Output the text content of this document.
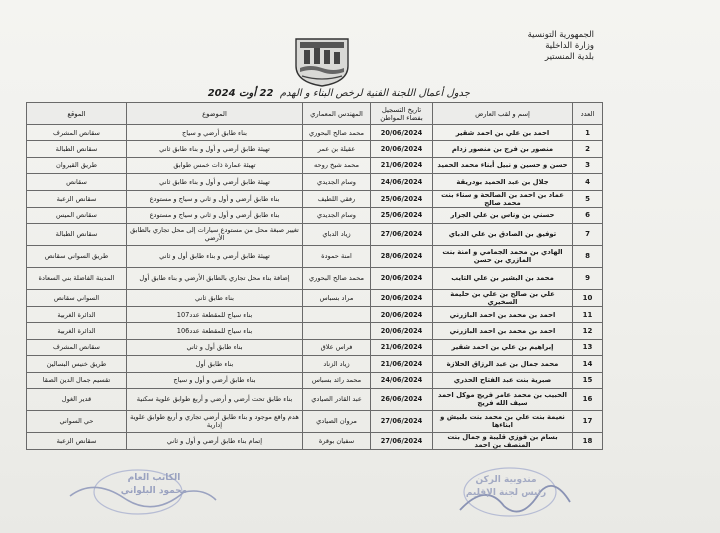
الجمهورية التونسية
وزارة الداخلية
بلدية المنستير
جدول أعمال اللجنة الفنية لرخص البناء و الهدم  22 أوت 2024
العدد	إسم و لقب العارض	تاريخ التسجيل بفضاء المواطن	المهندس المعماري	الموضوع	الموقع
1	احمد بن علي بن احمد شقير	20/06/2024	محمد صالح البحوري	بناء طابق أرضي و سياج	سقانص المشرف
2	منصور بن فرج بن منصور زدام	20/06/2024	عقيلة بن عمر	تهيئة طابق أرضي و أول و بناء طابق ثاني	سقانص الطبالة
3	حسن و حسين و نبيل أبناء محمد الحميد	21/06/2024	محمد شيخ روحه	تهيئة عمارة ذات خمس طوابق	طريق القيروان
4	جلال بن عبد الحميد بودريقة	24/06/2024	وسام الجديدي	تهيئة طابق أرضي و أول و بناء طابق ثاني	سقانص
5	عماد بن احمد بن الصالحة و سناء بنت محمد صالح	25/06/2024	رفقي اللطيف	بناء طابق أرضي و أول و ثاني و سياج و مستودع	سقانص الزعبة
6	حسني بن وناس بن علي الجزار	25/06/2024	وسام الجديدي	بناء طابق أرضي و أول و ثاني و سياج و مستودع	سقانص الميس
7	توفيق بن الصادق بن علي الدباي	27/06/2024	زياد الدباي	تغيير صبغة محل من مستودع سيارات إلى محل تجاري بالطابق الأرضي	سقانص الطبالة
8	الهادي بن محمد الجمامي و امنة بنت المازري بن حسن	28/06/2024	امنة حمودة	تهيئة طابق أرضي و بناء طابق أول و ثاني	طريق السواني سقانص
9	محمد بن البشير بن علي التايب	20/06/2024	محمد صالح البحوري	إضافة بناء محل تجاري بالطابق الأرضي و بناء طابق أول	المدينة الفاضلة بني السعادة
10	علي بن صالح بن علي بن حليمة السخيري	20/06/2024	مراد بسباس	بناء طابق ثاني	السواني سقانص
11	احمد بن محمد بن احمد البازرني	20/06/2024		بناء سياج للمقطعة عدد107	الدائرة الغربية
12	احمد بن محمد بن احمد البازرني	20/06/2024		بناء سياج للمقطعة عدد106	الدائرة الغربية
13	إبراهيم بن علي بن احمد شقير	21/06/2024	فراس علاق	بناء طابق أول و ثاني	سقانص المشرف
14	محمد جمال بن عبد الرزاق الحلازة	21/06/2024	زياد الزناد	بناء طابق أول	طريق خنيس البسالين
15	صبرية بنت عبد الفتاح الحذري	24/06/2024	محمد رائد بسباس	بناء طابق أرضي و أول و سياج	تقسيم جمال الدين الصقا
16	الحبيب بن محمد عامر فريج موكل احمد سيف الله فريج	26/06/2024	عبد القادر الصيادي	بناء طابق تحت أرضي و أرضي و أربع طوابق علوية سكنية	قدير الغول
17	نعيمة بنت علي بن محمد بنت بلبيش و ابناءها	27/06/2024	مروان الصيادي	هدم واقع موجود و بناء طابق أرضي تجاري و أربع طوابق علوية إدارية	حي السواني
18	بسام بن فوزي قليبة و جمال بنت المنصف بن احمد	27/06/2024	سفيان بوقرة	إتمام بناء طابق أرضي و أول و ثاني	سقانص الزعبة
الكاتب العام
محمود البلواني
مندوبية الركن
رئيس لجنة الإقليم
